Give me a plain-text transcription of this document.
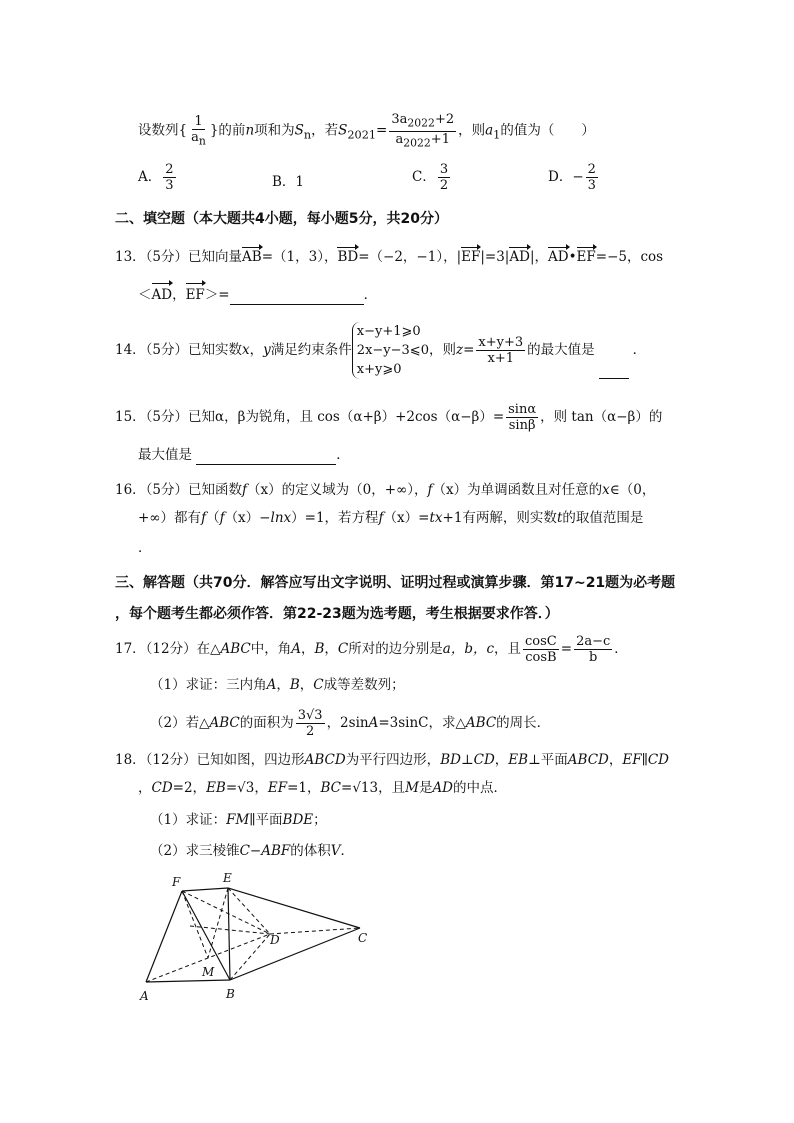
设数列{ $\frac{1}{a_n}$ }的前n项和为$S_n$，若$S_{2021}= \frac{3a_{2022}+2}{a_{2022}+1}$ ，则$a_1$的值为（　　）
A． $\frac{2}{3}$	B．1	C． $\frac{3}{2}$	D．− $\frac{2}{3}$
二、填空题（本大题共4小题，每小题5分，共20分）
13．（5分）已知向量AB=（1，3），BD=（−2，−1），|EF|=3|AD|，AD•EF=−5，cos
＜AD，EF＞=	．
14．（5分）已知实数x，y满足约束条件x−y+1⩾0
2x−y−3⩽0
x+y⩾0，则$z= \frac{x+y+3}{x+1}$ 的最大值是	．
15．（5分）已知α，β为锐角，且 $\cos(\alpha+\beta)+2\cos(\alpha-\beta)= \frac{\sin\alpha}{\sin\beta}$ ，则 tan（α−β）的
最大值是	．
16．（5分）已知函数f（x）的定义域为（0，+∞），f（x）为单调函数且对任意的x∈（0，
+∞）都有f（f（x）−lnx）=1，若方程f（x）=tx+1有两解，则实数t的取值范围是
．
三、解答题（共70分．解答应写出文字说明、证明过程或演算步骤．第17~21题为必考题
，每个题考生都必须作答．第22-23题为选考题，考生根据要求作答．）
17．（12分）在△ABC中，角A，B，C所对的边分别是a，b，c，且 $\frac{\cos C}{\cos B} = \frac{2a-c}{b}$ ．
（1）求证：三内角A，B，C成等差数列；
（2）若△ABC的面积为 $\frac{3√3}{2}$ ，2sinA=3sinC，求△ABC的周长．
18．（12分）已知如图，四边形ABCD为平行四边形，BD⊥CD，EB⊥平面ABCD，EF∥CD
，CD=2，EB=√3，EF=1，BC=√13，且M是AD的中点．
（1）求证：FM∥平面BDE；
（2）求三棱锥C−ABF的体积V．
F	E
D	C
M
A	B
